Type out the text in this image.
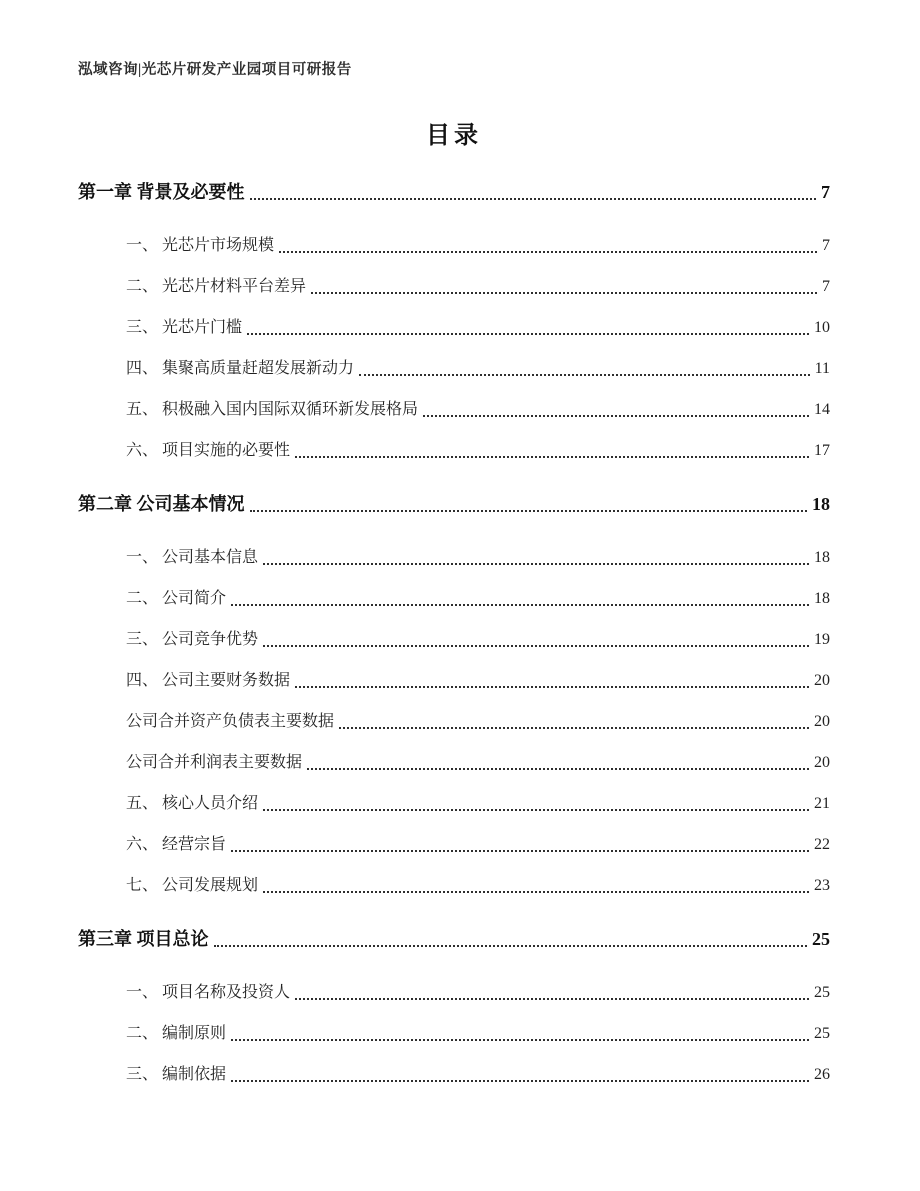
泓域咨询|光芯片研发产业园项目可研报告
目录
第一章 背景及必要性	7
一、 光芯片市场规模	7
二、 光芯片材料平台差异	7
三、 光芯片门槛	10
四、 集聚高质量赶超发展新动力	11
五、 积极融入国内国际双循环新发展格局	14
六、 项目实施的必要性	17
第二章 公司基本情况	18
一、 公司基本信息	18
二、 公司简介	18
三、 公司竞争优势	19
四、 公司主要财务数据	20
公司合并资产负债表主要数据	20
公司合并利润表主要数据	20
五、 核心人员介绍	21
六、 经营宗旨	22
七、 公司发展规划	23
第三章 项目总论	25
一、 项目名称及投资人	25
二、 编制原则	25
三、 编制依据	26
